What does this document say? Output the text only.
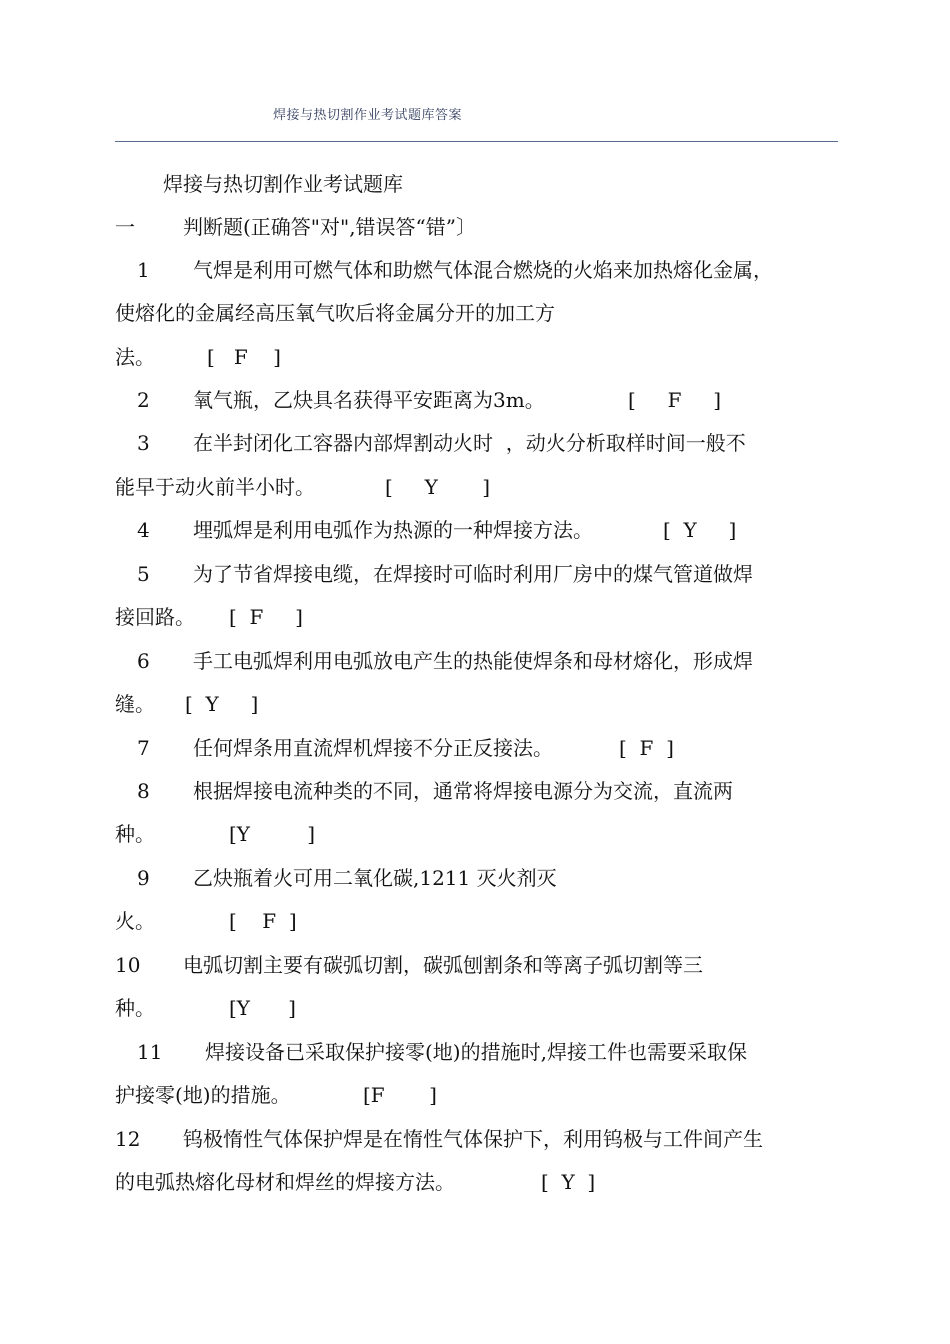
焊接与热切割作业考试题库答案
焊接与热切割作业考试题库
一 判断题(正确答"对",错误答“错”〕
1 气焊是利用可燃气体和助燃气体混合燃烧的火焰来加热熔化金属，
使熔化的金属经高压氧气吹后将金属分开的加工方
法。	[   F    ]
2 氧气瓶，乙炔具名获得平安距离为3m。	[     F     ]
3 在半封闭化工容器内部焊割动火时  ，动火分析取样时间一般不
能早于动火前半小时。	[     Y       ]
4 埋弧焊是利用电弧作为热源的一种焊接方法。	[  Y     ]
5 为了节省焊接电缆，在焊接时可临时利用厂房中的煤气管道做焊
接回路。 [  F     ]
6 手工电弧焊利用电弧放电产生的热能使焊条和母材熔化，形成焊
缝。 [  Y     ]
7 任何焊条用直流焊机焊接不分正反接法。	[  F  ]
8 根据焊接电流种类的不同，通常将焊接电源分为交流，直流两
种。	[Y         ]
9 乙炔瓶着火可用二氧化碳,1211 灭火剂灭
火。	[    F  ]
10 电弧切割主要有碳弧切割，碳弧刨割条和等离子弧切割等三
种。	[Y      ]
11 焊接设备已采取保护接零(地)的措施时,焊接工件也需要采取保
护接零(地)的措施。	[F       ]
12 钨极惰性气体保护焊是在惰性气体保护下，利用钨极与工件间产生
的电弧热熔化母材和焊丝的焊接方法。	[  Y  ]
